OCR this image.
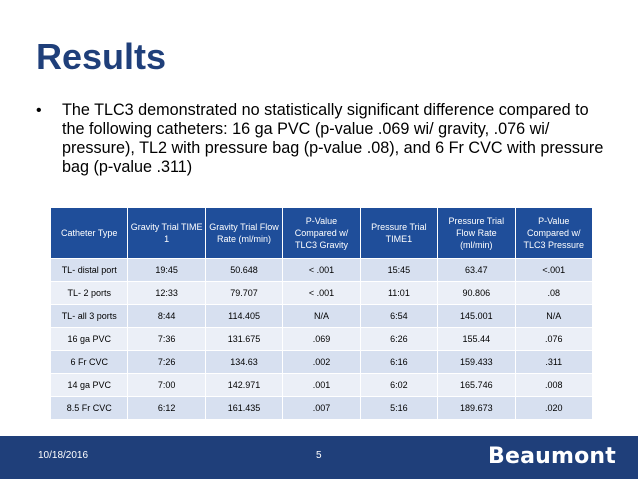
Results
•	The TLC3 demonstrated no statistically significant difference compared to the following catheters: 16 ga PVC (p-value .069 wi/ gravity, .076 wi/ pressure), TL2 with pressure bag (p-value .08), and 6 Fr CVC with pressure bag (p-value .311)
Catheter Type	Gravity Trial TIME 1	Gravity Trial Flow Rate (ml/min)	P-Value Compared w/ TLC3 Gravity	Pressure Trial TIME1	Pressure Trial Flow Rate (ml/min)	P-Value Compared w/ TLC3 Pressure
TL- distal port	19:45	50.648	< .001	15:45	63.47	<.001
TL- 2 ports	12:33	79.707	< .001	11:01	90.806	.08
TL- all 3 ports	8:44	114.405	N/A	6:54	145.001	N/A
16 ga PVC	7:36	131.675	.069	6:26	155.44	.076
6 Fr CVC	7:26	134.63	.002	6:16	159.433	.311
14 ga PVC	7:00	142.971	.001	6:02	165.746	.008
8.5 Fr CVC	6:12	161.435	.007	5:16	189.673	.020
10/18/2016	5	Beaumont
